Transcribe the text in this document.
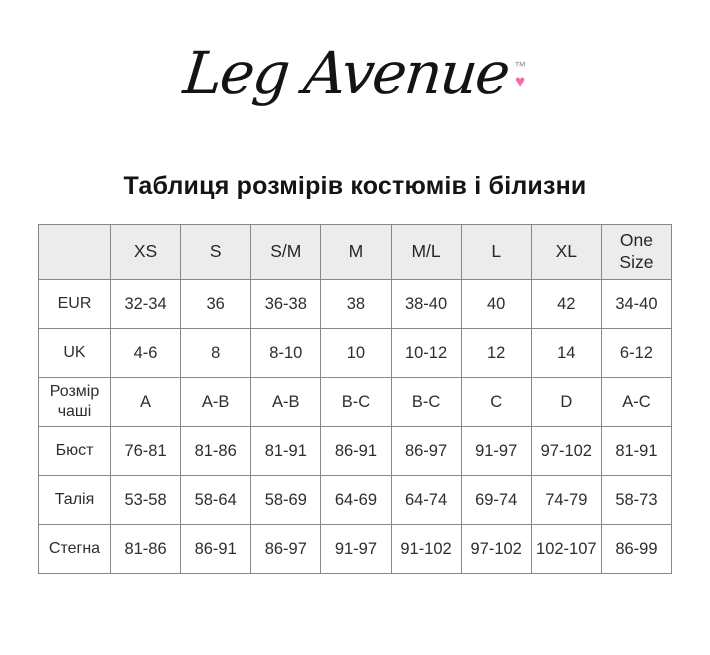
Leg Avenue ™
♥
Таблиця розмірів костюмів і білизни
	XS	S	S/M	M	M/L	L	XL	One Size
EUR	32-34	36	36-38	38	38-40	40	42	34-40
UK	4-6	8	8-10	10	10-12	12	14	6-12
Розмір чаші	A	A-B	A-B	B-C	B-C	C	D	A-C
Бюст	76-81	81-86	81-91	86-91	86-97	91-97	97-102	81-91
Талія	53-58	58-64	58-69	64-69	64-74	69-74	74-79	58-73
Стегна	81-86	86-91	86-97	91-97	91-102	97-102	102-107	86-99
